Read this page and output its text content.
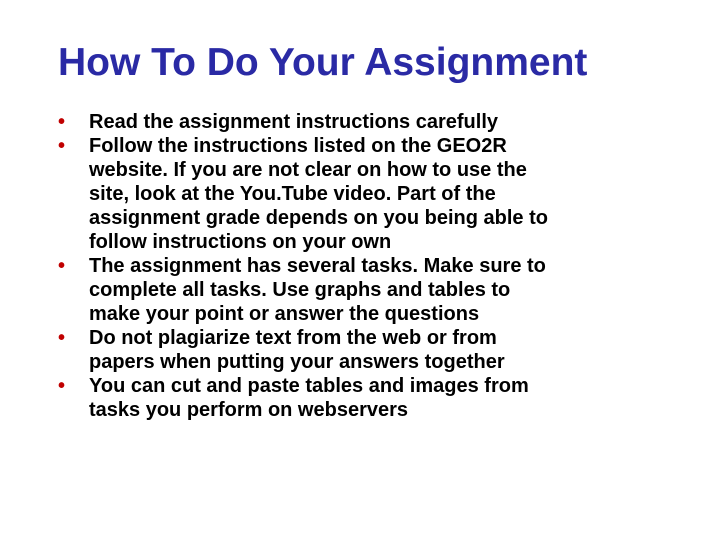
How To Do Your Assignment
• Read the assignment instructions carefully
• Follow the instructions listed on the GEO2R
website. If you are not clear on how to use the
site, look at the You.Tube video. Part of the
assignment grade depends on you being able to
follow instructions on your own
• The assignment has several tasks. Make sure to
complete all tasks. Use graphs and tables to
make your point or answer the questions
• Do not plagiarize text from the web or from
papers when putting your answers together
• You can cut and paste tables and images from
tasks you perform on webservers
